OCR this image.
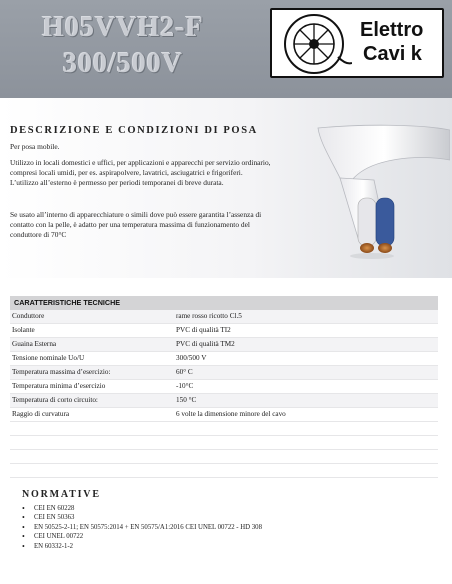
H05VVH2-F
300/500V
Elettro
Cavi k
DESCRIZIONE E CONDIZIONI DI POSA
Per posa mobile.
Utilizzo in locali domestici e uffici, per applicazioni e apparecchi per servizio ordinario, compresi locali umidi, per es. aspirapolvere, lavatrici, asciugatrici e frigoriferi. L’utilizzo all’esterno è permesso per periodi temporanei di breve durata.
Se usato all’interno di apparecchiature o simili dove può essere garantita l’assenza di contatto con la pelle, è adatto per una temperatura massima di funzionamento del conduttore di 70°C
CARATTERISTICHE TECNICHE
Conduttore	rame rosso ricotto Cl.5
Isolante	PVC di qualità TI2
Guaina Esterna	PVC di qualità TM2
Tensione nominale Uo/U	300/500 V
Temperatura massima d’esercizio:	60° C
Temperatura minima d’esercizio	-10°C
Temperatura di corto circuito:	150 °C
Raggio di curvatura	6 volte la dimensione minore del cavo
NORMATIVE
• CEI EN 60228
• CEI EN 50363
• EN 50525-2-11; EN 50575:2014 + EN 50575/A1:2016 CEI UNEL 00722 - HD 308
• CEI UNEL 00722
• EN 60332-1-2
